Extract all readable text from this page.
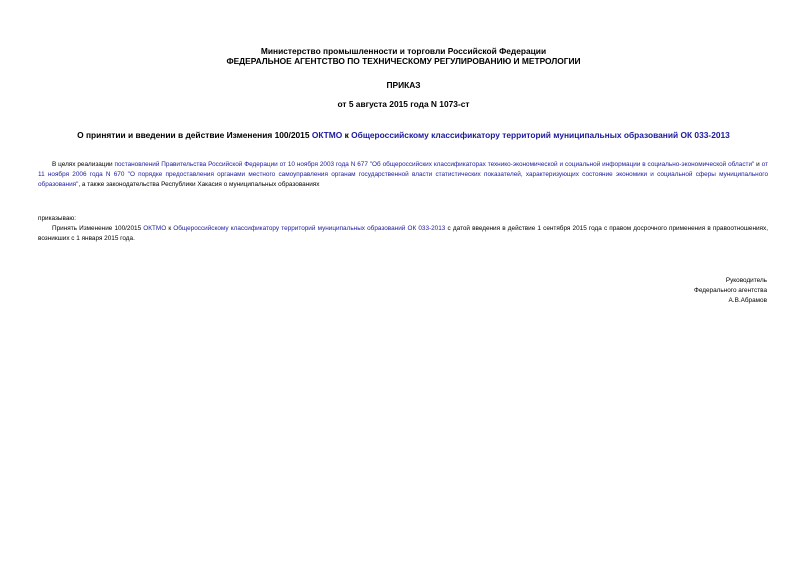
Министерство промышленности и торговли Российской Федерации
ФЕДЕРАЛЬНОЕ АГЕНТСТВО ПО ТЕХНИЧЕСКОМУ РЕГУЛИРОВАНИЮ И МЕТРОЛОГИИ
ПРИКАЗ
от 5 августа 2015 года N 1073-ст
О принятии и введении в действие Изменения 100/2015 ОКТМО к Общероссийскому классификатору территорий муниципальных образований ОК 033-2013
В целях реализации постановлений Правительства Российской Федерации от 10 ноября 2003 года N 677 "Об общероссийских классификаторах технико-экономической и социальной информации в социально-экономической области" и от 11 ноября 2006 года N 670 "О порядке предоставления органами местного самоуправления органам государственной власти статистических показателей, характеризующих состояние экономики и социальной сферы муниципального образования", а также законодательства Республики Хакасия о муниципальных образованиях
приказываю:
Принять Изменение 100/2015 ОКТМО к Общероссийскому классификатору территорий муниципальных образований ОК 033-2013 с датой введения в действие 1 сентября 2015 года с правом досрочного применения в правоотношениях, возникших с 1 января 2015 года.
Руководитель
Федерального агентства
А.В.Абрамов
